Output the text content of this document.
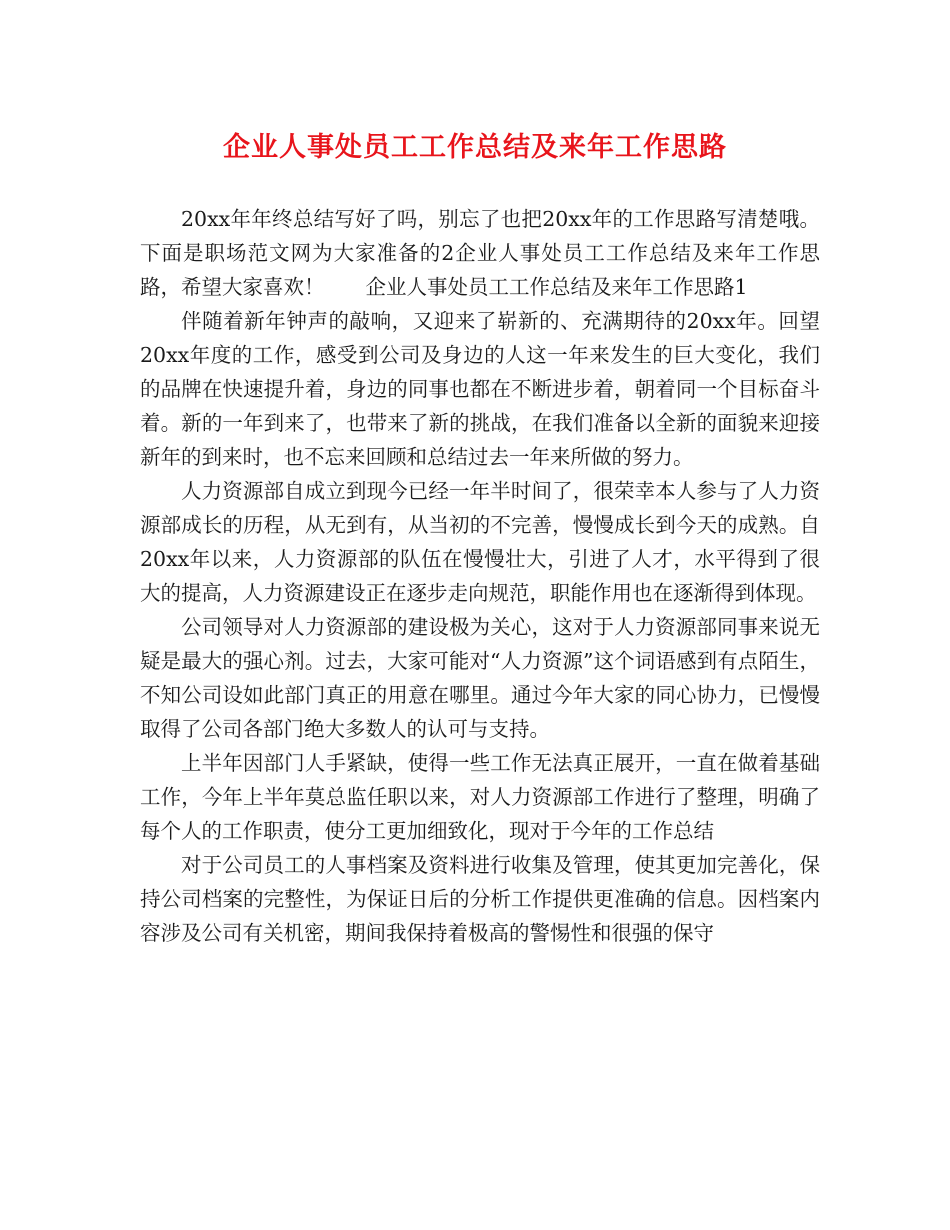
企业人事处员工工作总结及来年工作思路

20xx年年终总结写好了吗，别忘了也把20xx年的工作思路写清楚哦。下面是职场范文网为大家准备的2企业人事处员工工作总结及来年工作思路，希望大家喜欢！　　企业人事处员工工作总结及来年工作思路1

伴随着新年钟声的敲响，又迎来了崭新的、充满期待的20xx年。回望20xx年度的工作，感受到公司及身边的人这一年来发生的巨大变化，我们的品牌在快速提升着，身边的同事也都在不断进步着，朝着同一个目标奋斗着。新的一年到来了，也带来了新的挑战，在我们准备以全新的面貌来迎接新年的到来时，也不忘来回顾和总结过去一年来所做的努力。

人力资源部自成立到现今已经一年半时间了，很荣幸本人参与了人力资源部成长的历程，从无到有，从当初的不完善，慢慢成长到今天的成熟。自20xx年以来，人力资源部的队伍在慢慢壮大，引进了人才，水平得到了很大的提高，人力资源建设正在逐步走向规范，职能作用也在逐渐得到体现。

公司领导对人力资源部的建设极为关心，这对于人力资源部同事来说无疑是最大的强心剂。过去，大家可能对“人力资源”这个词语感到有点陌生，不知公司设如此部门真正的用意在哪里。通过今年大家的同心协力，已慢慢取得了公司各部门绝大多数人的认可与支持。

上半年因部门人手紧缺，使得一些工作无法真正展开，一直在做着基础工作，今年上半年莫总监任职以来，对人力资源部工作进行了整理，明确了每个人的工作职责，使分工更加细致化，现对于今年的工作总结

对于公司员工的人事档案及资料进行收集及管理，使其更加完善化，保持公司档案的完整性，为保证日后的分析工作提供更准确的信息。因档案内容涉及公司有关机密，期间我保持着极高的警惕性和很强的保守
